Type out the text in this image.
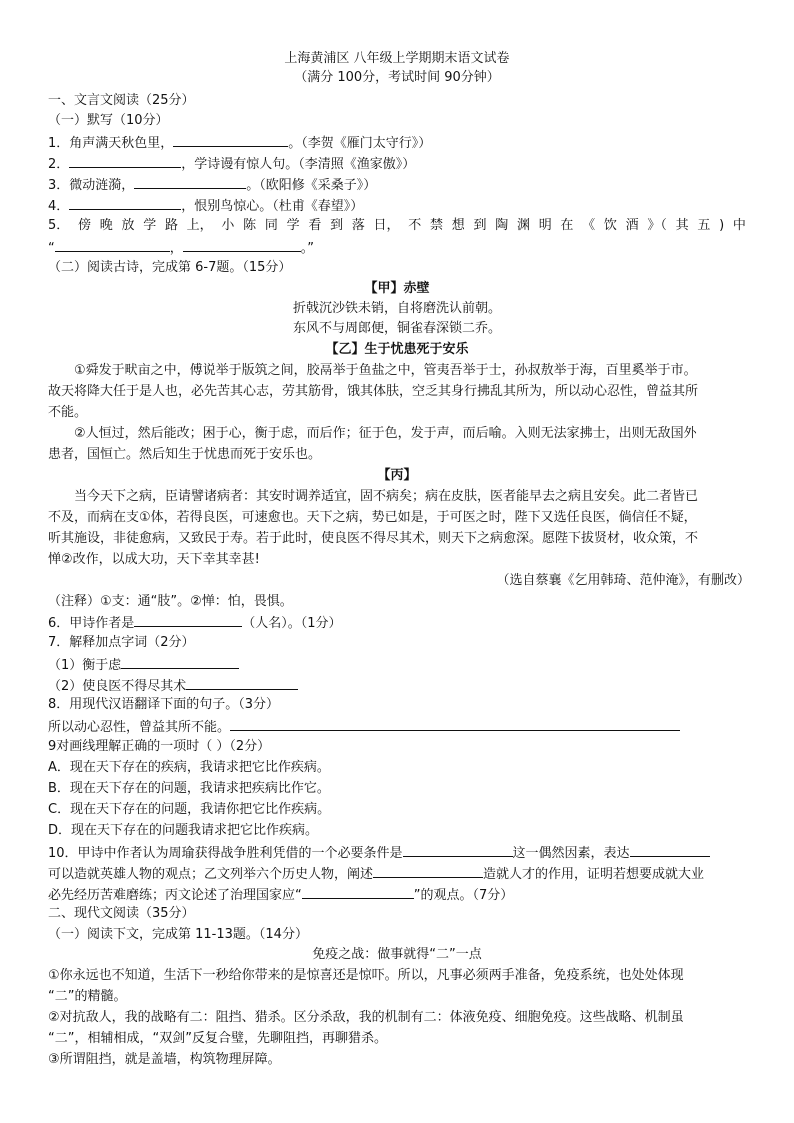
上海黄浦区 八年级上学期期末语文试卷
（满分 100分，考试时间 90分钟）
一、文言文阅读（25分）
（一）默写（10分）
1．角声满天秋色里，	。（李贺《雁门太守行》）
2．	，学诗谩有惊人句。（李清照《渔家傲》）
3．微动涟漪，	。（欧阳修《采桑子》）
4．	，恨别鸟惊心。（杜甫《春望》）
5． 傍 晚 放 学 路 上， 小 陈 同 学 看 到 落 日， 不 禁 想 到 陶 渊 明 在 《 饮 酒 》（ 其 五 ) 中
“	，	。”
（二）阅读古诗，完成第 6-7题。（15分）
【甲】赤壁
折戟沉沙铁未销，自将磨洗认前朝。
东风不与周郎便，铜雀春深锁二乔。
【乙】生于忧患死于安乐
①舜发于畎亩之中，傅说举于版筑之间，胶鬲举于鱼盐之中，管夷吾举于士，孙叔敖举于海，百里奚举于市。
故天将降大任于是人也，必先苦其心志，劳其筋骨，饿其体肤，空乏其身行拂乱其所为，所以动心忍性，曾益其所
不能。
②人恒过，然后能改；困于心，衡于虑，而后作；征于色，发于声，而后喻。入则无法家拂士，出则无敌国外
患者，国恒亡。然后知生于忧患而死于安乐也。
【丙】
当今天下之病，臣请譬诸病者：其安时调养适宜，固不病矣；病在皮肤，医者能早去之病且安矣。此二者皆已
不及，而病在支①体，若得良医，可速愈也。天下之病，势已如是，于可医之时，陛下又选任良医，倘信任不疑，
听其施设，非徒愈病，又致民于寿。若于此时，使良医不得尽其术，则天下之病愈深。愿陛下拔贤材，收众策，不
惮②改作，以成大功，天下幸其幸甚!
（选自蔡襄《乞用韩琦、范仲淹》，有删改）
（注释）①支：通“肢”。②惮：怕，畏惧。
6．甲诗作者是	（人名）。（1分）
7．解释加点字词（2分）
（1）衡于虑
（2）使良医不得尽其术
8．用现代汉语翻译下面的句子。（3分）
所以动心忍性，曾益其所不能。
9对画线理解正确的一项时（ ）（2分）
A．现在天下存在的疾病，我请求把它比作疾病。
B．现在天下存在的问题，我请求把疾病比作它。
C．现在天下存在的问题，我请你把它比作疾病。
D．现在天下存在的问题我请求把它比作疾病。
10．甲诗中作者认为周瑜获得战争胜利凭借的一个必要条件是	这一偶然因素，表达
可以造就英雄人物的观点；乙文列举六个历史人物，阐述	造就人才的作用，证明若想要成就大业
必先经历苦难磨练；丙文论述了治理国家应“	”的观点。（7分）
二、现代文阅读（35分）
（一）阅读下文，完成第 11-13题。（14分）
免疫之战：做事就得“二”一点
①你永远也不知道，生活下一秒给你带来的是惊喜还是惊吓。所以，凡事必须两手准备，免疫系统，也处处体现
“二”的精髓。
②对抗敌人，我的战略有二：阻挡、猎杀。区分杀敌，我的机制有二：体液免疫、细胞免疫。这些战略、机制虽
“二”，相辅相成，“双剑”反复合璧，先聊阻挡，再聊猎杀。
③所谓阻挡，就是盖墙，构筑物理屏障。
